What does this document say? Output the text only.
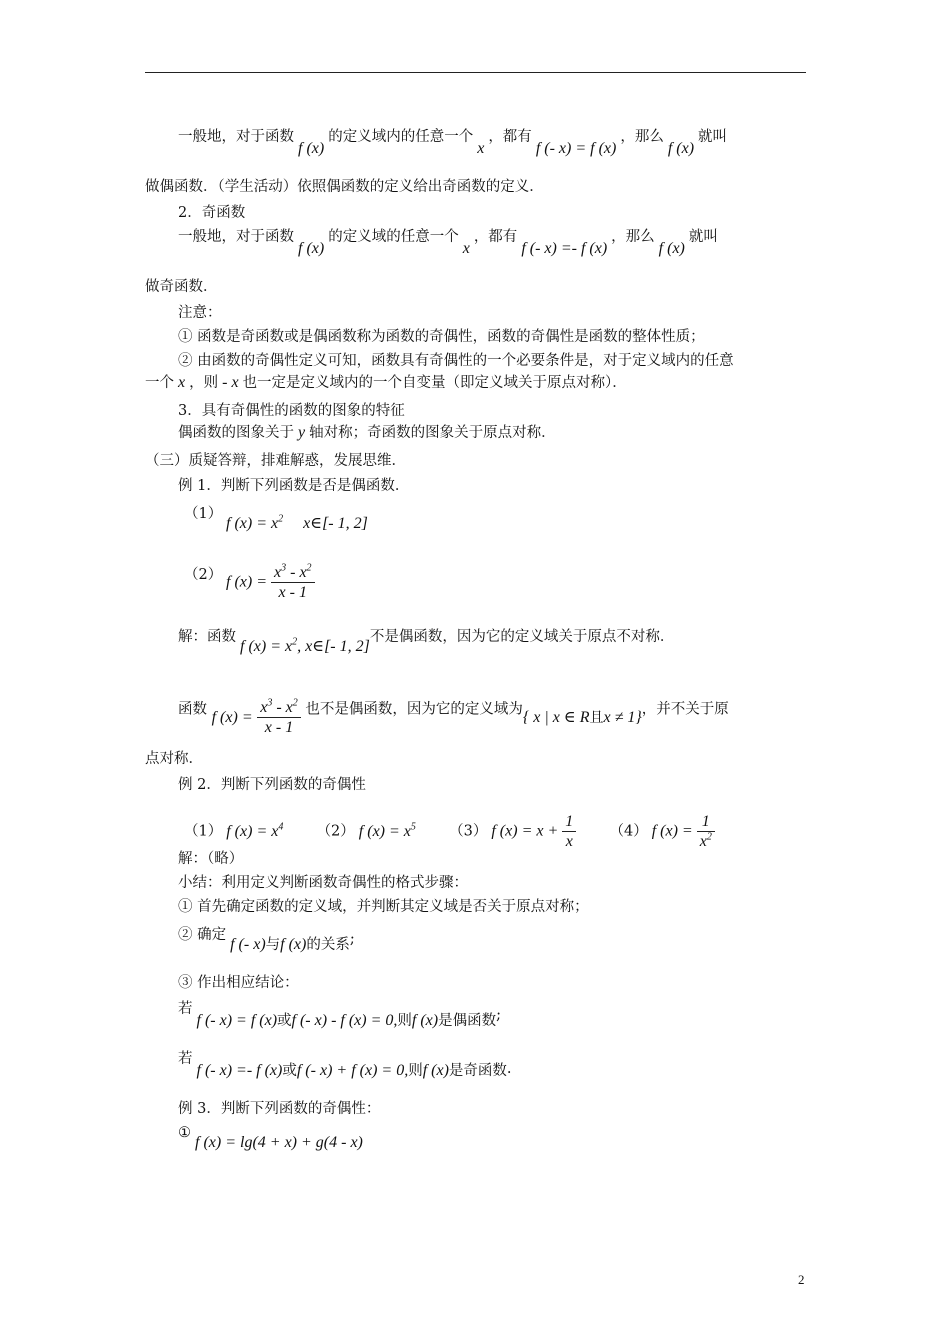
一般地，对于函数 f (x) 的定义域内的任意一个 x ，都有 f (- x) = f (x) ，那么 f (x) 就叫
做偶函数．（学生活动）依照偶函数的定义给出奇函数的定义．
2．奇函数
一般地，对于函数 f (x) 的定义域的任意一个 x ，都有 f (- x) =- f (x) ，那么 f (x) 就叫
做奇函数．
注意：
① 函数是奇函数或是偶函数称为函数的奇偶性，函数的奇偶性是函数的整体性质；
② 由函数的奇偶性定义可知，函数具有奇偶性的一个必要条件是，对于定义域内的任意
一个 x ，则 - x 也一定是定义域内的一个自变量（即定义域关于原点对称）．
3．具有奇偶性的函数的图象的特征
偶函数的图象关于 y 轴对称；奇函数的图象关于原点对称．
（三）质疑答辩，排难解惑，发展思维．
例 1．判断下列函数是否是偶函数．
（1）
f $(x) = x^2$     x∈[- 1, 2]
（2） f $(x) = \frac{x^3 - x^2}{x - 1}$
解：函数 f $(x) = x^2$, x∈[- 1, 2]不是偶函数，因为它的定义域关于原点不对称．
函数 f $(x) = \frac{x^3 - x^2}{x - 1}$ 也不是偶函数，因为它的定义域为{ x | x ∈ R且x ≠ 1}，并不关于原
点对称．
例 2．判断下列函数的奇偶性
（1） f $(x) = x^4$ （2） f $(x) = x^5$ （3） f $(x) = x + \frac{1}{x} (4)$ f $(x) = \frac{1}{x^2}$
解：（略）
小结：利用定义判断函数奇偶性的格式步骤：
① 首先确定函数的定义域，并判断其定义域是否关于原点对称；
② 确定 f (- x)与f (x)的关系;
③ 作出相应结论：
若 f (- x) = f (x)或f (- x) - f (x) = 0,则f (x)是偶函数;
若 f (- x) =- f (x)或f (- x) + f (x) = 0,则f (x)是奇函数.
例 3．判断下列函数的奇偶性：
① f (x) = lg(4 + x) + g(4 - x)
2
